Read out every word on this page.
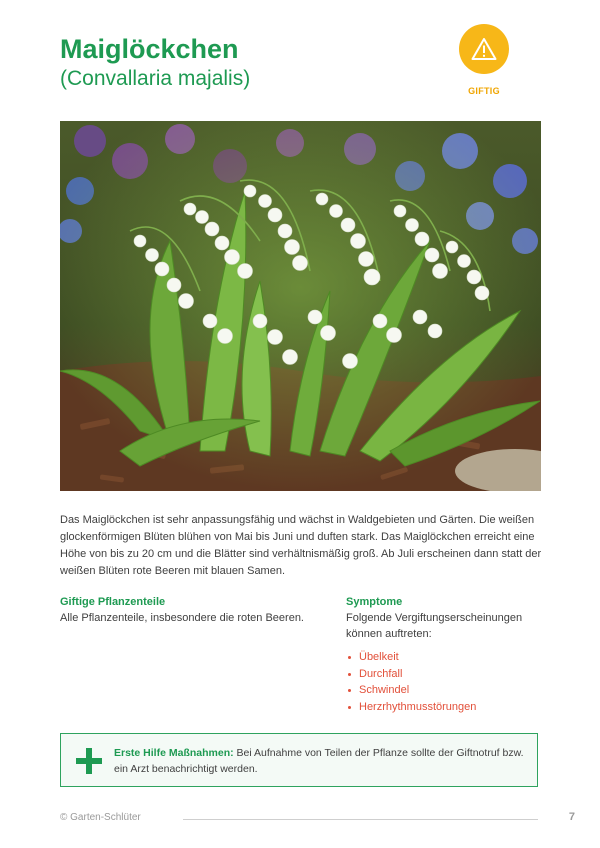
Maiglöckchen
(Convallaria majalis)
GIFTIG

Das Maiglöckchen ist sehr anpassungsfähig und wächst in Waldgebieten und Gärten. Die weißen glockenförmigen Blüten blühen von Mai bis Juni und duften stark. Das Maiglöckchen erreicht eine Höhe von bis zu 20 cm und die Blätter sind verhältnismäßig groß. Ab Juli erscheinen dann statt der weißen Blüten rote Beeren mit blauen Samen.

Giftige Pflanzenteile

Alle Pflanzenteile, insbesondere die roten Beeren.

Symptome

Folgende Vergiftungserscheinungen können auftreten:

Übelkeit
Durchfall
Schwindel
Herzrhythmusstörungen

Erste Hilfe Maßnahmen: Bei Aufnahme von Teilen der Pflanze sollte der Giftnotruf bzw. ein Arzt benachrichtigt werden.

© Garten-Schlüter	7
